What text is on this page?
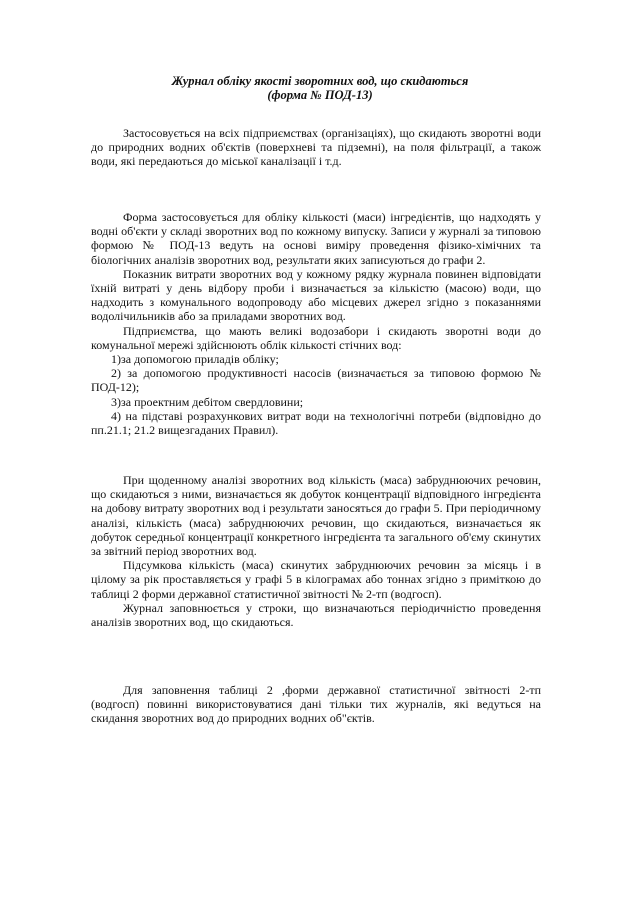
Журнал обліку якості зворотних вод, що скидаються
(форма № ПОД-13)

Застосовується на всіх підприємствах (організаціях), що скидають зворотні води до природних водних об'єктів (поверхневі та підземні), на поля фільтрації, а також води, які передаються до міської каналізації і т.д.

Форма застосовується для обліку кількості (маси) інгредієнтів, що надходять у водні об'єкти у складі зворотних вод по кожному випуску. Записи у журналі за типовою формою № ПОД-13 ведуть на основі виміру проведення фізико-хімічних та біологічних аналізів зворотних вод, результати яких записуються до графи 2.

Показник витрати зворотних вод у кожному рядку журнала повинен відповідати їхній витраті у день відбору проби і визначається за кількістю (масою) води, що надходить з комунального водопроводу або місцевих джерел згідно з показаннями водолічильників або за приладами зворотних вод.

Підприємства, що мають великі водозабори і скидають зворотні води до комунальної мережі здійснюють облік кількості стічних вод:

1)за допомогою приладів обліку;

2) за допомогою продуктивності насосів (визначається за типовою формою № ПОД-12);

3)за проектним дебітом свердловини;

4) на підставі розрахункових витрат води на технологічні потреби (відповідно до пп.21.1; 21.2 вищезгаданих Правил).

При щоденному аналізі зворотних вод кількість (маса) забруднюючих речовин, що скидаються з ними, визначається як добуток концентрації відповідного інгредієнта на добову витрату зворотних вод і результати заносяться до графи 5. При періодичному аналізі, кількість (маса) забруднюючих речовин, що скидаються, визначається як добуток середньої концентрації конкретного інгредієнта та загального об'єму скинутих за звітний період зворотних вод.

Підсумкова кількість (маса) скинутих забруднюючих речовин за місяць і в цілому за рік проставляється у графі 5 в кілограмах або тоннах згідно з приміткою до таблиці 2 форми державної статистичної звітності № 2-тп (водгосп).

Журнал заповнюється у строки, що визначаються періодичністю проведення аналізів зворотних вод, що скидаються.

Для заповнення таблиці 2 ,форми державної статистичної звітності 2-тп (водгосп) повинні використовуватися дані тільки тих журналів, які ведуться на скидання зворотних вод до природних водних об"єктів.
